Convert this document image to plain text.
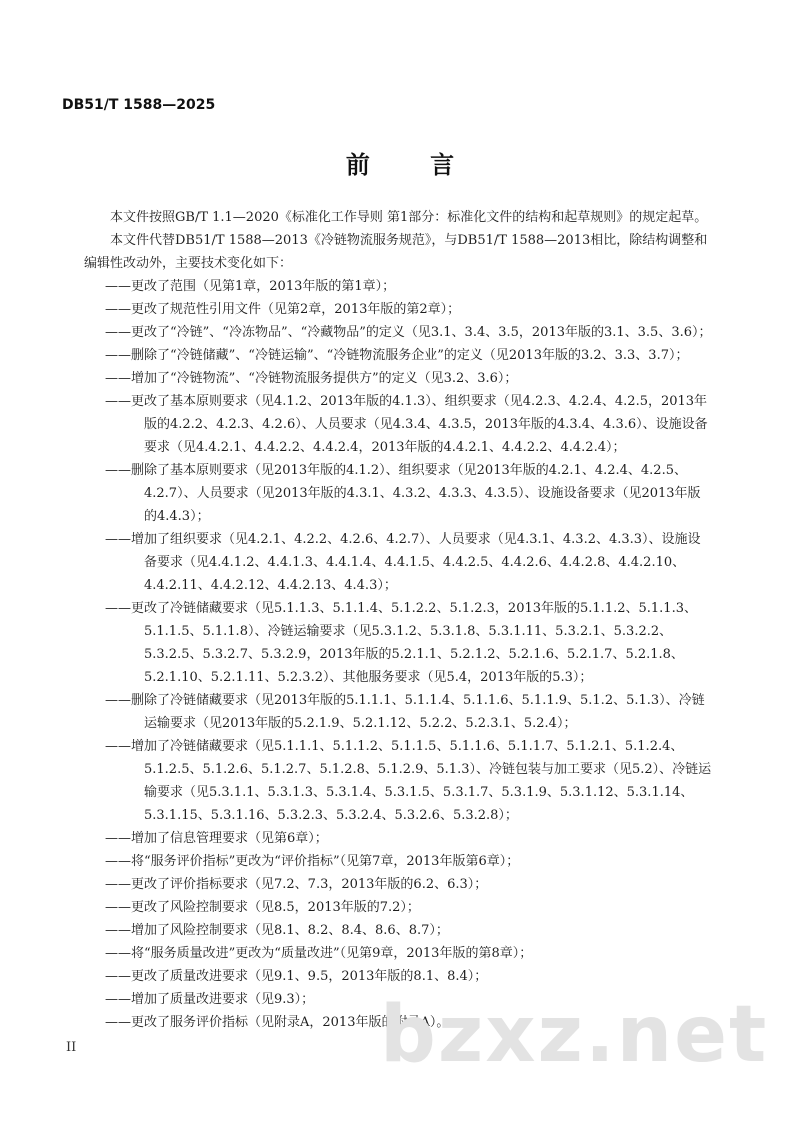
DB51/T 1588—2025
前 言

本文件按照GB/T 1.1—2020《标准化工作导则 第1部分：标准化文件的结构和起草规则》的规定起草。

本文件代替DB51/T 1588—2013《冷链物流服务规范》，与DB51/T 1588—2013相比，除结构调整和编辑性改动外，主要技术变化如下：

——更改了范围（见第1章，2013年版的第1章）；

——更改了规范性引用文件（见第2章，2013年版的第2章）；

——更改了“冷链”、“冷冻物品”、“冷藏物品”的定义（见3.1、3.4、3.5，2013年版的3.1、3.5、3.6）；

——删除了“冷链储藏”、“冷链运输”、“冷链物流服务企业”的定义（见2013年版的3.2、3.3、3.7）；

——增加了“冷链物流”、“冷链物流服务提供方”的定义（见3.2、3.6）；

——更改了基本原则要求（见4.1.2、2013年版的4.1.3）、组织要求（见4.2.3、4.2.4、4.2.5，2013年版的4.2.2、4.2.3、4.2.6）、人员要求（见4.3.4、4.3.5，2013年版的4.3.4、4.3.6）、设施设备要求（见4.4.2.1、4.4.2.2、4.4.2.4，2013年版的4.4.2.1、4.4.2.2、4.4.2.4）；

——删除了基本原则要求（见2013年版的4.1.2）、组织要求（见2013年版的4.2.1、4.2.4、4.2.5、4.2.7）、人员要求（见2013年版的4.3.1、4.3.2、4.3.3、4.3.5）、设施设备要求（见2013年版的4.4.3）；

——增加了组织要求（见4.2.1、4.2.2、4.2.6、4.2.7）、人员要求（见4.3.1、4.3.2、4.3.3）、设施设备要求（见4.4.1.2、4.4.1.3、4.4.1.4、4.4.1.5、4.4.2.5、4.4.2.6、4.4.2.8、4.4.2.10、4.4.2.11、4.4.2.12、4.4.2.13、4.4.3）；

——更改了冷链储藏要求（见5.1.1.3、5.1.1.4、5.1.2.2、5.1.2.3，2013年版的5.1.1.2、5.1.1.3、5.1.1.5、5.1.1.8）、冷链运输要求（见5.3.1.2、5.3.1.8、5.3.1.11、5.3.2.1、5.3.2.2、5.3.2.5、5.3.2.7、5.3.2.9，2013年版的5.2.1.1、5.2.1.2、5.2.1.6、5.2.1.7、5.2.1.8、5.2.1.10、5.2.1.11、5.2.3.2）、其他服务要求（见5.4，2013年版的5.3）；

——删除了冷链储藏要求（见2013年版的5.1.1.1、5.1.1.4、5.1.1.6、5.1.1.9、5.1.2、5.1.3）、冷链运输要求（见2013年版的5.2.1.9、5.2.1.12、5.2.2、5.2.3.1、5.2.4）；

——增加了冷链储藏要求（见5.1.1.1、5.1.1.2、5.1.1.5、5.1.1.6、5.1.1.7、5.1.2.1、5.1.2.4、5.1.2.5、5.1.2.6、5.1.2.7、5.1.2.8、5.1.2.9、5.1.3）、冷链包装与加工要求（见5.2）、冷链运输要求（见5.3.1.1、5.3.1.3、5.3.1.4、5.3.1.5、5.3.1.7、5.3.1.9、5.3.1.12、5.3.1.14、5.3.1.15、5.3.1.16、5.3.2.3、5.3.2.4、5.3.2.6、5.3.2.8）；

——增加了信息管理要求（见第6章）；

——将“服务评价指标”更改为“评价指标”（见第7章，2013年版第6章）；

——更改了评价指标要求（见7.2、7.3，2013年版的6.2、6.3）；

——更改了风险控制要求（见8.5，2013年版的7.2）；

——增加了风险控制要求（见8.1、8.2、8.4、8.6、8.7）；

——将“服务质量改进”更改为“质量改进”（见第9章，2013年版的第8章）；

——更改了质量改进要求（见9.1、9.5，2013年版的8.1、8.4）；

——增加了质量改进要求（见9.3）；

——更改了服务评价指标（见附录A，2013年版的附录A）。

II	bzxz.net
